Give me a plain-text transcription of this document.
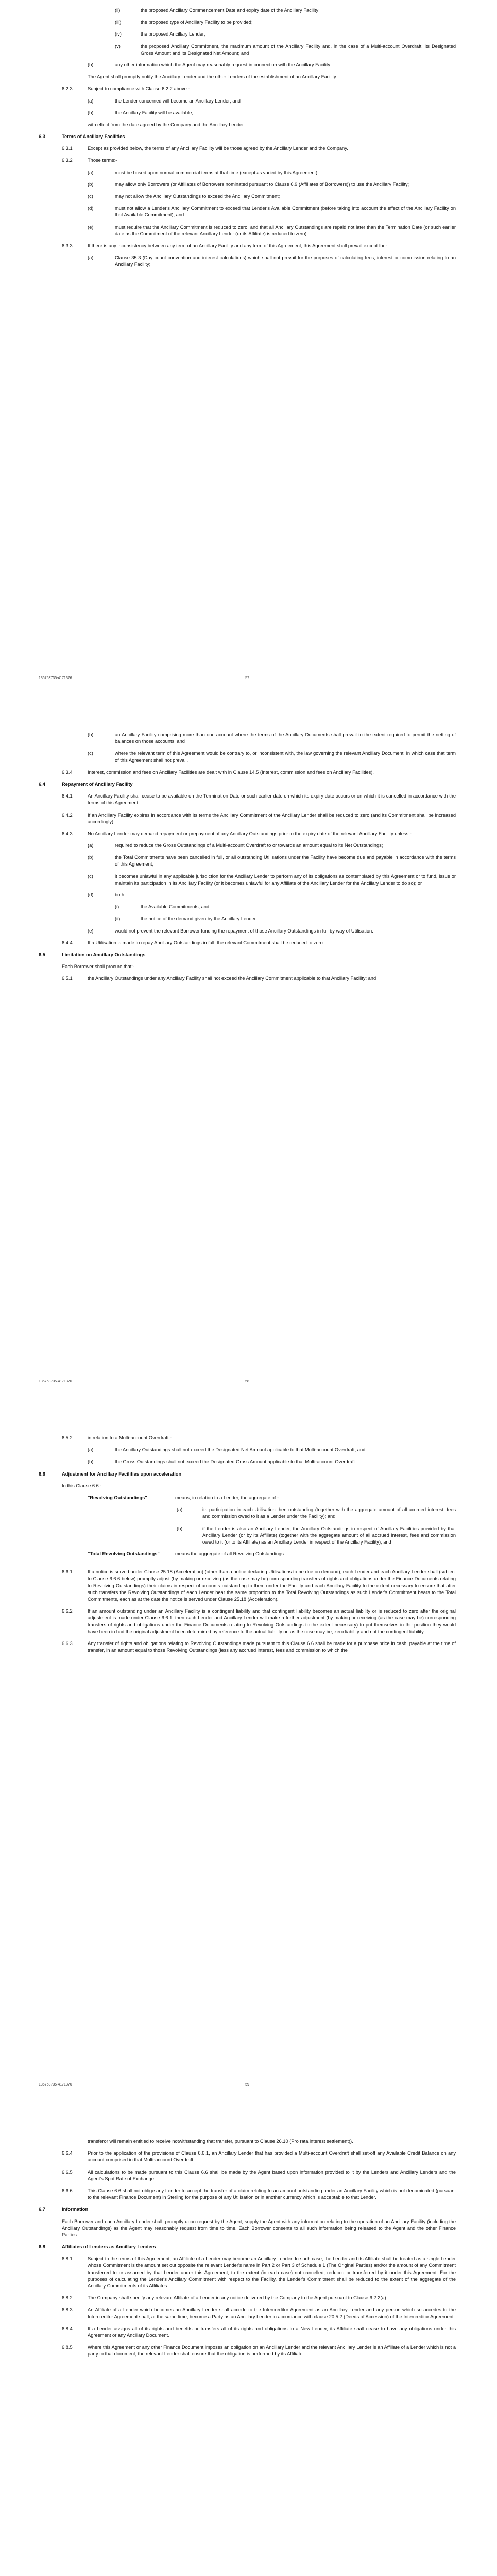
(ii)	the proposed Ancillary Commencement Date and expiry date of the Ancillary Facility;
(iii)	the proposed type of Ancillary Facility to be provided;
(iv)	the proposed Ancillary Lender;
(v)	the proposed Ancillary Commitment, the maximum amount of the Ancillary Facility and, in the case of a Multi-account Overdraft, its Designated Gross Amount and its Designated Net Amount; and
(b)	any other information which the Agent may reasonably request in connection with the Ancillary Facility.
The Agent shall promptly notify the Ancillary Lender and the other Lenders of the establishment of an Ancillary Facility.
6.2.3	Subject to compliance with Clause 6.2.2 above:-
(a)	the Lender concerned will become an Ancillary Lender; and
(b)	the Ancillary Facility will be available,
with effect from the date agreed by the Company and the Ancillary Lender.
6.3	Terms of Ancillary Facilities
6.3.1	Except as provided below, the terms of any Ancillary Facility will be those agreed by the Ancillary Lender and the Company.
6.3.2	Those terms:-
(a)	must be based upon normal commercial terms at that time (except as varied by this Agreement);
(b)	may allow only Borrowers (or Affiliates of Borrowers nominated pursuant to Clause 6.9 (Affiliates of Borrowers)) to use the Ancillary Facility;
(c)	may not allow the Ancillary Outstandings to exceed the Ancillary Commitment;
(d)	must not allow a Lender's Ancillary Commitment to exceed that Lender's Available Commitment (before taking into account the effect of the Ancillary Facility on that Available Commitment); and
(e)	must require that the Ancillary Commitment is reduced to zero, and that all Ancillary Outstandings are repaid not later than the Termination Date (or such earlier date as the Commitment of the relevant Ancillary Lender (or its Affiliate) is reduced to zero).
6.3.3	If there is any inconsistency between any term of an Ancillary Facility and any term of this Agreement, this Agreement shall prevail except for:-
(a)	Clause 35.3 (Day count convention and interest calculations) which shall not prevail for the purposes of calculating fees, interest or commission relating to an Ancillary Facility;
136763735-4171376	57
(b)	an Ancillary Facility comprising more than one account where the terms of the Ancillary Documents shall prevail to the extent required to permit the netting of balances on those accounts; and
(c)	where the relevant term of this Agreement would be contrary to, or inconsistent with, the law governing the relevant Ancillary Document, in which case that term of this Agreement shall not prevail.
6.3.4	Interest, commission and fees on Ancillary Facilities are dealt with in Clause 14.5 (Interest, commission and fees on Ancillary Facilities).
6.4	Repayment of Ancillary Facility
6.4.1	An Ancillary Facility shall cease to be available on the Termination Date or such earlier date on which its expiry date occurs or on which it is cancelled in accordance with the terms of this Agreement.
6.4.2	If an Ancillary Facility expires in accordance with its terms the Ancillary Commitment of the Ancillary Lender shall be reduced to zero (and its Commitment shall be increased accordingly).
6.4.3	No Ancillary Lender may demand repayment or prepayment of any Ancillary Outstandings prior to the expiry date of the relevant Ancillary Facility unless:-
(a)	required to reduce the Gross Outstandings of a Multi-account Overdraft to or towards an amount equal to its Net Outstandings;
(b)	the Total Commitments have been cancelled in full, or all outstanding Utilisations under the Facility have become due and payable in accordance with the terms of this Agreement;
(c)	it becomes unlawful in any applicable jurisdiction for the Ancillary Lender to perform any of its obligations as contemplated by this Agreement or to fund, issue or maintain its participation in its Ancillary Facility (or it becomes unlawful for any Affiliate of the Ancillary Lender for the Ancillary Lender to do so); or
(d)	both:
(i)	the Available Commitments; and
(ii)	the notice of the demand given by the Ancillary Lender,
(e)	would not prevent the relevant Borrower funding the repayment of those Ancillary Outstandings in full by way of Utilisation.
6.4.4	If a Utilisation is made to repay Ancillary Outstandings in full, the relevant Commitment shall be reduced to zero.
6.5	Limitation on Ancillary Outstandings
Each Borrower shall procure that:-
6.5.1	the Ancillary Outstandings under any Ancillary Facility shall not exceed the Ancillary Commitment applicable to that Ancillary Facility; and
136763735-4171376	58
6.5.2	in relation to a Multi-account Overdraft:-
(a)	the Ancillary Outstandings shall not exceed the Designated Net Amount applicable to that Multi-account Overdraft; and
(b)	the Gross Outstandings shall not exceed the Designated Gross Amount applicable to that Multi-account Overdraft.
6.6	Adjustment for Ancillary Facilities upon acceleration
In this Clause 6.6:-
"Revolving Outstandings"	means, in relation to a Lender, the aggregate of:-
(a)	its participation in each Utilisation then outstanding (together with the aggregate amount of all accrued interest, fees and commission owed to it as a Lender under the Facility); and
(b)	if the Lender is also an Ancillary Lender, the Ancillary Outstandings in respect of Ancillary Facilities provided by that Ancillary Lender (or by its Affiliate) (together with the aggregate amount of all accrued interest, fees and commission owed to it (or to its Affiliate) as an Ancillary Lender in respect of the Ancillary Facility); and
"Total Revolving Outstandings"	means the aggregate of all Revolving Outstandings.
6.6.1	If a notice is served under Clause 25.18 (Acceleration) (other than a notice declaring Utilisations to be due on demand), each Lender and each Ancillary Lender shall (subject to Clause 6.6.6 below) promptly adjust (by making or receiving (as the case may be) corresponding transfers of rights and obligations under the Finance Documents relating to Revolving Outstandings) their claims in respect of amounts outstanding to them under the Facility and each Ancillary Facility to the extent necessary to ensure that after such transfers the Revolving Outstandings of each Lender bear the same proportion to the Total Revolving Outstandings as such Lender's Commitment bears to the Total Commitments, each as at the date the notice is served under Clause 25.18 (Acceleration).
6.6.2	If an amount outstanding under an Ancillary Facility is a contingent liability and that contingent liability becomes an actual liability or is reduced to zero after the original adjustment is made under Clause 6.6.1, then each Lender and Ancillary Lender will make a further adjustment (by making or receiving (as the case may be) corresponding transfers of rights and obligations under the Finance Documents relating to Revolving Outstandings to the extent necessary) to put themselves in the position they would have been in had the original adjustment been determined by reference to the actual liability or, as the case may be, zero liability and not the contingent liability.
6.6.3	Any transfer of rights and obligations relating to Revolving Outstandings made pursuant to this Clause 6.6 shall be made for a purchase price in cash, payable at the time of transfer, in an amount equal to those Revolving Outstandings (less any accrued interest, fees and commission to which the
136763735-4171376	59
transferor will remain entitled to receive notwithstanding that transfer, pursuant to Clause 26.10 (Pro rata interest settlement)).
6.6.4	Prior to the application of the provisions of Clause 6.6.1, an Ancillary Lender that has provided a Multi-account Overdraft shall set-off any Available Credit Balance on any account comprised in that Multi-account Overdraft.
6.6.5	All calculations to be made pursuant to this Clause 6.6 shall be made by the Agent based upon information provided to it by the Lenders and Ancillary Lenders and the Agent's Spot Rate of Exchange.
6.6.6	This Clause 6.6 shall not oblige any Lender to accept the transfer of a claim relating to an amount outstanding under an Ancillary Facility which is not denominated (pursuant to the relevant Finance Document) in Sterling for the purpose of any Utilisation or in another currency which is acceptable to that Lender.
6.7	Information
Each Borrower and each Ancillary Lender shall, promptly upon request by the Agent, supply the Agent with any information relating to the operation of an Ancillary Facility (including the Ancillary Outstandings) as the Agent may reasonably request from time to time. Each Borrower consents to all such information being released to the Agent and the other Finance Parties.
6.8	Affiliates of Lenders as Ancillary Lenders
6.8.1	Subject to the terms of this Agreement, an Affiliate of a Lender may become an Ancillary Lender. In such case, the Lender and its Affiliate shall be treated as a single Lender whose Commitment is the amount set out opposite the relevant Lender's name in Part 2 or Part 3 of Schedule 1 (The Original Parties) and/or the amount of any Commitment transferred to or assumed by that Lender under this Agreement, to the extent (in each case) not cancelled, reduced or transferred by it under this Agreement. For the purposes of calculating the Lender's Ancillary Commitment with respect to the Facility, the Lender's Commitment shall be reduced to the extent of the aggregate of the Ancillary Commitments of its Affiliates.
6.8.2	The Company shall specify any relevant Affiliate of a Lender in any notice delivered by the Company to the Agent pursuant to Clause 6.2.2(a).
6.8.3	An Affiliate of a Lender which becomes an Ancillary Lender shall accede to the Intercreditor Agreement as an Ancillary Lender and any person which so accedes to the Intercreditor Agreement shall, at the same time, become a Party as an Ancillary Lender in accordance with clause 20.5.2 (Deeds of Accession) of the Intercreditor Agreement.
6.8.4	If a Lender assigns all of its rights and benefits or transfers all of its rights and obligations to a New Lender, its Affiliate shall cease to have any obligations under this Agreement or any Ancillary Document.
6.8.5	Where this Agreement or any other Finance Document imposes an obligation on an Ancillary Lender and the relevant Ancillary Lender is an Affiliate of a Lender which is not a party to that document, the relevant Lender shall ensure that the obligation is performed by its Affiliate.
